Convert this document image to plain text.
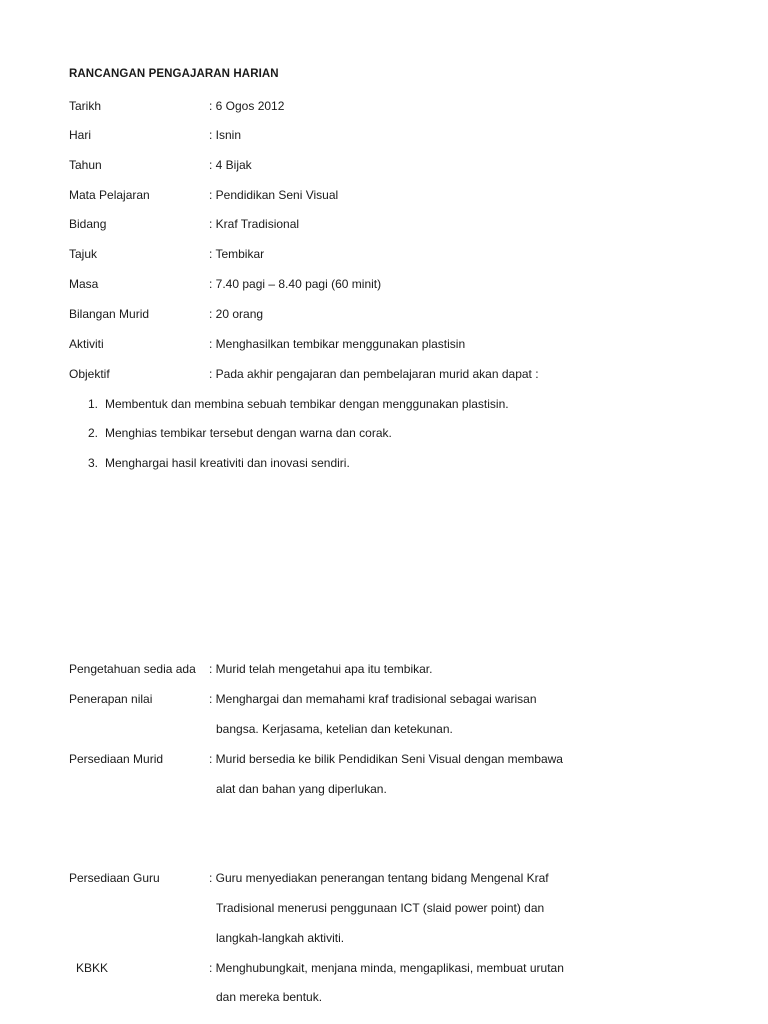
RANCANGAN PENGAJARAN HARIAN
Tarikh	: 6 Ogos 2012
Hari	: Isnin
Tahun	: 4 Bijak
Mata Pelajaran	: Pendidikan Seni Visual
Bidang	: Kraf Tradisional
Tajuk	: Tembikar
Masa	: 7.40 pagi – 8.40 pagi (60 minit)
Bilangan Murid	: 20 orang
Aktiviti	: Menghasilkan tembikar menggunakan plastisin
Objektif	: Pada akhir pengajaran dan pembelajaran murid akan dapat :
1. Membentuk dan membina sebuah tembikar dengan menggunakan plastisin.
2. Menghias tembikar tersebut dengan warna dan corak.
3. Menghargai hasil kreativiti dan inovasi sendiri.
Pengetahuan sedia ada : Murid telah mengetahui apa itu tembikar.
Penerapan nilai	: Menghargai dan memahami kraf tradisional sebagai warisan
bangsa. Kerjasama, ketelian dan ketekunan.
Persediaan Murid	: Murid bersedia ke bilik Pendidikan Seni Visual dengan membawa
alat dan bahan yang diperlukan.
Persediaan Guru	: Guru menyediakan penerangan tentang bidang Mengenal Kraf
Tradisional menerusi penggunaan ICT (slaid power point) dan
langkah-langkah aktiviti.
KBKK	: Menghubungkait, menjana minda, mengaplikasi, membuat urutan
dan mereka bentuk.
